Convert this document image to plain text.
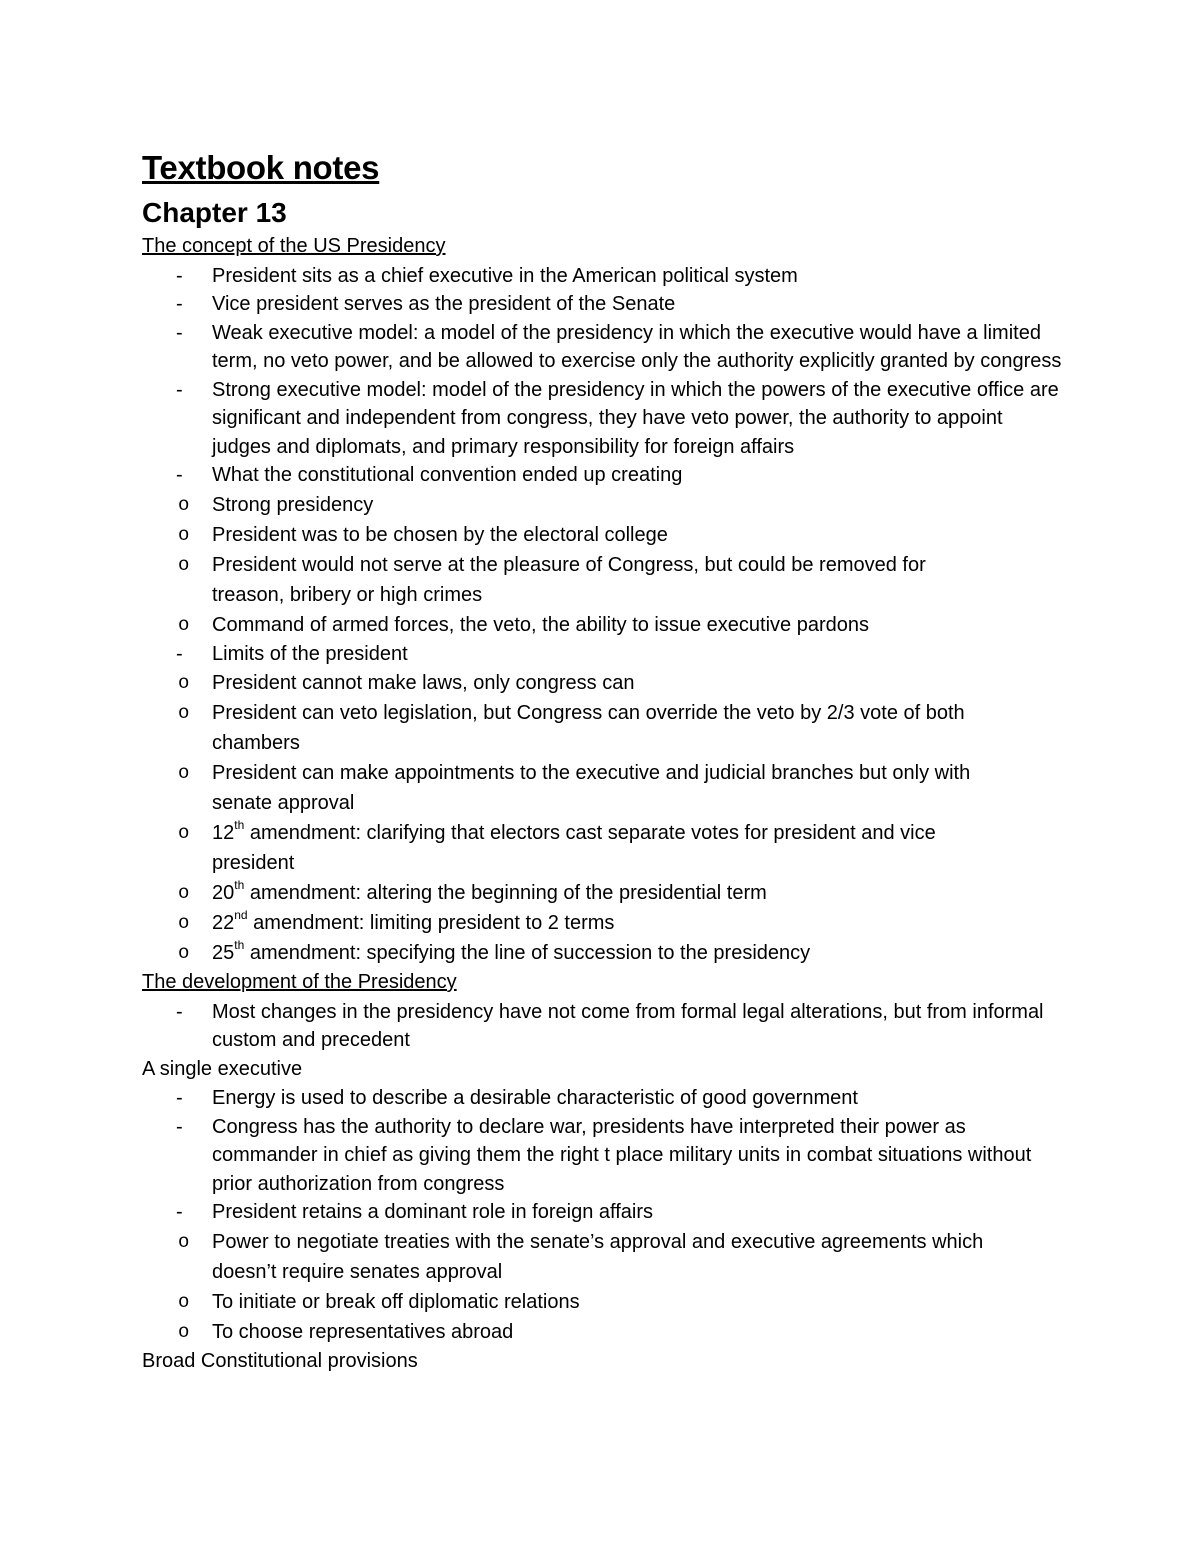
Textbook notes
Chapter 13

The concept of the US Presidency

- President sits as a chief executive in the American political system
- Vice president serves as the president of the Senate
- Weak executive model: a model of the presidency in which the executive would have a limited term, no veto power, and be allowed to exercise only the authority explicitly granted by congress
- Strong executive model: model of the presidency in which the powers of the executive office are significant and independent from congress, they have veto power, the authority to appoint judges and diplomats, and primary responsibility for foreign affairs
- What the constitutional convention ended up creating
o Strong presidency
o President was to be chosen by the electoral college
o President would not serve at the pleasure of Congress, but could be removed for treason, bribery or high crimes
o Command of armed forces, the veto, the ability to issue executive pardons
- Limits of the president
o President cannot make laws, only congress can
o President can veto legislation, but Congress can override the veto by 2/3 vote of both chambers
o President can make appointments to the executive and judicial branches but only with senate approval
o 12th amendment: clarifying that electors cast separate votes for president and vice president
o 20th amendment: altering the beginning of the presidential term
o 22nd amendment: limiting president to 2 terms
o 25th amendment: specifying the line of succession to the presidency

The development of the Presidency

- Most changes in the presidency have not come from formal legal alterations, but from informal custom and precedent

A single executive

- Energy is used to describe a desirable characteristic of good government
- Congress has the authority to declare war, presidents have interpreted their power as commander in chief as giving them the right t place military units in combat situations without prior authorization from congress
- President retains a dominant role in foreign affairs
o Power to negotiate treaties with the senate’s approval and executive agreements which doesn’t require senates approval
o To initiate or break off diplomatic relations
o To choose representatives abroad

Broad Constitutional provisions
